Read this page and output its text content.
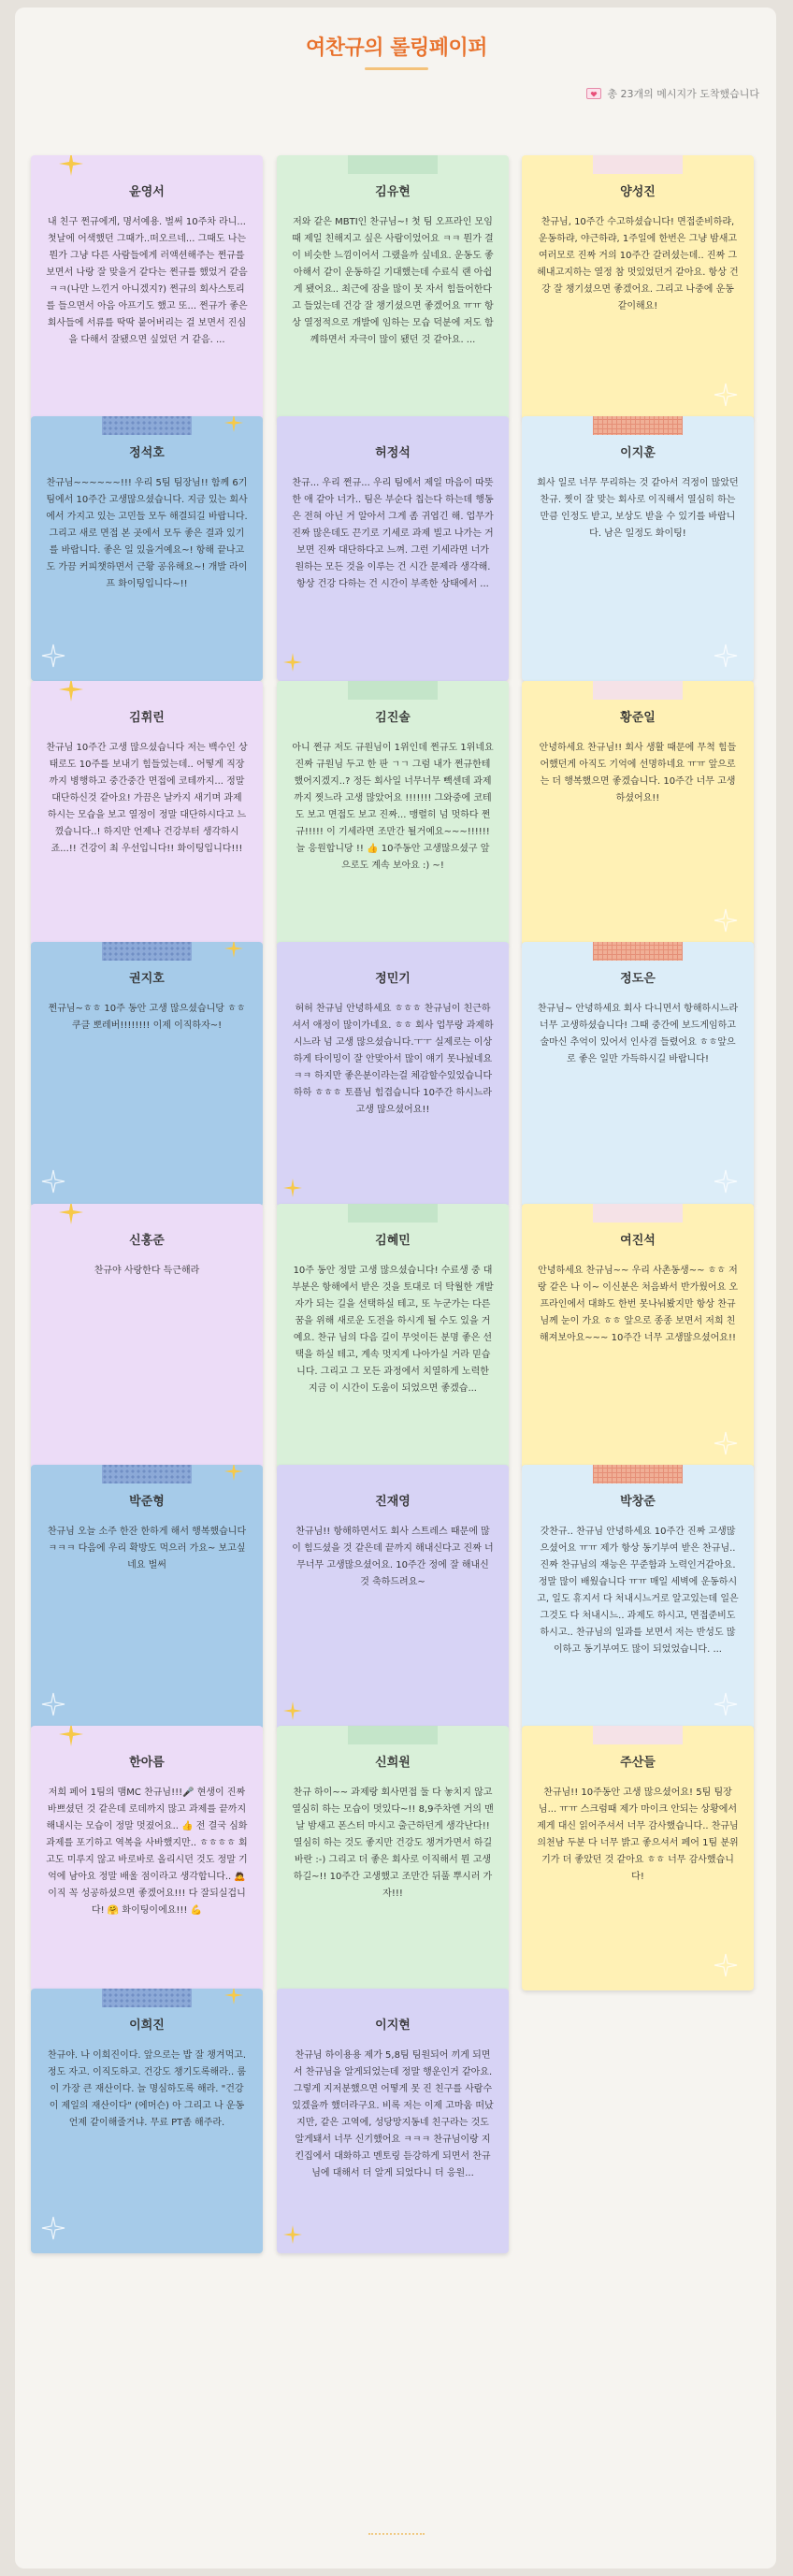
여찬규의 롤링페이퍼
총 23개의 메시지가 도착했습니다
윤영서
내 친구 쩐규에게, 명서예용. 벌써 10주차 라니... 첫날에 어색했던 그때가..떠오르네... 그때도 나는 뭔가 그냥 다른 사람들에게 러액션해주는 쩐규를 보면서 나랑 잘 맞을거 같다는 쩐규를 했었거 같음 ㅋㅋ(나만 느낀거 아니겠지?) 쩐규의 회사스토리를 들으면서 아음 아프기도 했고 또... 쩐규가 좋은 회사들에 서류를 딱딱 붙어버리는 걸 보면서 진심을 다해서 잘됐으면 싶었던 거 같음. ...
김유현
저와 같은 MBTI인 찬규님~! 첫 팀 오프라인 모임 때 제일 친해지고 싶은 사람이었어요 ㅋㅋ 뭔가 결이 비슷한 느낌이어서 그랬을까 싶네요. 운동도 좋아해서 같이 운동하길 기대했는데 수료식 랜 아쉽게 됐어요.. 최근에 잠을 많이 못 자서 힘들어한다고 들었는데 건강 잘 챙기셨으면 좋겠어요 ㅠㅠ 항상 열정적으로 개발에 임하는 모습 덕분에 저도 함께하면서 자극이 많이 됐던 것 같아요. ...
양성진
찬규님, 10주간 수고하셨습니다! 면접준비하랴, 운동하랴, 야근하랴, 1주일에 한번은 그냥 밤새고 여러모로 진짜 거의 10주간 갈려셨는데.. 진짜 그 헤내고지하는 열정 참 멋있었던거 같아요. 항상 건강 잘 챙기셨으면 좋겠어요. 그리고 나중에 운동 같이해요!
정석호
찬규님~~~~~~!!! 우리 5팀 팀장님!! 함께 6기 팀에서 10주간 고생많으셨습니다. 지금 있는 회사에서 가지고 있는 고민들 모두 해결되길 바랍니다. 그리고 새로 면접 본 곳에서 모두 좋은 결과 있기를 바랍니다. 좋은 일 있을거예요~! 항해 끝나고도 가끔 커피챗하면서 근황 공유해요~! 개발 라이프 화이팅입니다~!!
허정석
찬규... 우리 쩐규... 우리 팀에서 제일 마음이 따뜻한 애 같아 너가.. 팀은 부순다 칩는다 하는데 행동은 전혀 아닌 거 알아서 그게 좀 귀엽긴 해. 업무가 진짜 많은데도 끈기로 기세로 과제 빌고 나가는 거 보면 진짜 대단하다고 느껴. 그런 기세라면 너가 원하는 모든 것을 이루는 건 시간 문제라 생각해. 항상 건강 다하는 건 시간이 부족한 상태에서 ...
이지훈
회사 일로 너무 무리하는 것 같아서 걱정이 많았던 찬규. 찟이 잘 맞는 회사로 이직해서 열심히 하는 만큼 인정도 받고, 보상도 받을 수 있기를 바랍니다. 남은 일정도 화이팅!
김휘린
찬규님 10주간 고생 많으셨습니다 저는 백수인 상태로도 10주를 보내기 힘들었는데.. 어떻게 직장까지 병행하고 중간중간 면접에 코테까지... 정말 대단하신것 같아요! 가끔은 날카지 새기며 과제 하시는 모습을 보고 열정이 정말 대단하시다고 느꼈습니다..! 하지만 언제나 건강부터 생각하시죠...!! 건강이 최 우선입니다!! 화이팅입니다!!!
김진솔
아니 쩐규 저도 규원님이 1위인데 쩐규도 1위네요 진짜 규원님 두고 한 판 ㄱㄱ 그럼 내가 쩐규한테 했어지겠지..? 정든 회사일 너무너무 빽센데 과제까지 찟느라 고생 많았어요 !!!!!!! 그와중에 코테도 보고 면접도 보고 진짜... 맹렬히 넘 멋하다 쩐규!!!!! 이 기세라면 조만간 될거예요~~~!!!!!! 늘 응원합니당 !! 👍 10주동안 고생많으셨구 앞으로도 계속 보아요 :) ~!
황준일
안녕하세요 찬규님!! 회사 생활 때문에 무척 힘들어했던게 아직도 기억에 선명하네요 ㅠㅠ 앞으로는 더 행복했으면 좋겠습니다. 10주간 너무 고생하셨어요!!
권지호
쩐규님~ㅎㅎ 10주 동안 고생 많으셨습니당 ㅎㅎ 쿠클 뽀레버!!!!!!!! 이제 이직하자~!
정민기
허허 찬규님 안녕하세요 ㅎㅎㅎ 찬규님이 친근하셔서 애정이 많이가네요. ㅎㅎ 회사 업무랑 과제하시느라 넘 고생 많으셨습니다.ㅜㅜ 실제로는 이상하게 타이밍이 잘 안맞아서 많이 얘기 못나눴네요 ㅋㅋ 하지만 좋은분이라는걸 체감할수있었습니다 하하 ㅎㅎㅎ 토플님 힘겹습니다 10주간 하시느라 고생 많으셨어요!!
정도은
찬규님~ 안녕하세요 회사 다니면서 항해하시느라 너무 고생하셨습니다! 그때 중간에 보드게임하고 술마신 추억이 있어서 인사겸 들렸어요 ㅎㅎ앞으로 좋은 일만 가득하시길 바랍니다!
신홍준
찬규야 사랑한다 득근해라
김혜민
10주 동안 정말 고생 많으셨습니다! 수료생 중 대부분은 항해에서 받은 것을 토대로 더 탁월한 개발자가 되는 길을 선택하실 테고, 또 누군가는 다른 꿈을 위해 새로운 도전을 하시게 될 수도 있을 거예요. 찬규 님의 다음 길이 무엇이든 분명 좋은 선택을 하실 테고, 계속 멋지게 나아가실 거라 믿습니다. 그리고 그 모든 과정에서 치열하게 노력한 지금 이 시간이 도움이 되었으면 좋겠습...
여진석
안녕하세요 찬규님~~ 우리 사촌동생~~ ㅎㅎ 저랑 같은 나 이~ 이신분은 처음봐서 반가웠어요 오프라인에서 대화도 한번 못나눠봤지만 항상 찬규님께 눈이 가요 ㅎㅎ 앞으로 종종 보면서 저희 친해져보아요~~~ 10주간 너무 고생많으셨어요!!
박준형
찬규님 오늘 소주 한잔 한하게 해서 행복했습니다 ㅋㅋㅋ 다음에 우리 확방도 먹으러 가요~ 보고싶네요 벌써
진재영
찬규님!! 항해하면서도 회사 스트레스 때문에 많이 힘드셨을 것 같은데 끝까지 해내신다고 진짜 너무너무 고생많으셨어요. 10주간 정에 잘 해내신 것 축하드려요~
박창준
갓찬규.. 찬규님 안녕하세요 10주간 진짜 고생많으셨어요 ㅠㅠ 제가 항상 동기부여 받은 찬규님.. 진짜 찬규님의 재능은 꾸준함과 노력인거같아요. 정말 많이 배웠습니다 ㅠㅠ 매일 세벽에 운동하시고, 일도 휴지서 다 처내시느거로 알고있는데 일은 그것도 다 처내시느.. 과제도 하시고, 면접준비도하시고.. 찬규님의 일과를 보면서 저는 반성도 많이하고 동기부여도 많이 되었었습니다. ...
한아름
저희 페어 1팀의 맴MC 찬규님!!!🎤 현생이 진짜 바쁘셨던 것 같은데 로데까지 많고 과제를 끝까지 해내시는 모습이 정말 멋졌어요.. 👍 전 결국 심화 과제를 포기하고 역복을 사바했지만.. ㅎㅎㅎㅎ 회고도 미루지 않고 바로바로 올리시던 것도 정말 기억에 남아요 정말 배울 점이라고 생각합니다.. 🙇 이직 꼭 성공하셨으면 좋겠어요!!! 다 잘되실겁니다! 🤗 화이팅이에요!!! 💪
신희원
찬규 하이~~ 과제랑 회사면접 둘 다 놓치지 않고 열심히 하는 모습이 멋있다~!! 8,9주차엔 거의 맨날 밤새고 폰스터 마시고 출근하던게 생각난다!! 열심히 하는 것도 좋지만 건강도 챙겨가면서 하길 바란 :-) 그리고 더 좋은 회사로 이직해서 뭔 고생하길~!! 10주간 고생했고 조만간 뒤풀 뿌시러 가자!!!
주산들
찬규님!! 10주동안 고생 많으셨어요! 5팀 팀장님... ㅠㅠ 스크럼때 제가 마이크 안되는 상황에서 제게 대신 읽어주셔서 너무 감사했습니다.. 찬규님 의천남 두분 다 너무 밝고 좋으셔서 페어 1팀 분위기가 더 좋았던 것 같아요 ㅎㅎ 너무 감사했습니다!
이희진
찬규야. 나 이희진이다. 앞으로는 밥 잘 챙겨먹고. 정도 자고. 이직도하고. 건강도 챙기도록해라.. 룸이 가장 큰 재산이다. 늘 명심하도록 해라. "건강이 제일의 재산이다" (에머슨) 아 그리고 나 운동 언제 같이해줄거냐. 무료 PT좀 해주라.
이지현
찬규님 하이용용 제가 5,8팀 팀원되어 끼게 되면서 찬규님을 알게되었는데 정말 행운인거 같아요. 그렇게 지저분했으면 어떻게 못 진 친구를 사람수 있겠을까 했더라구요. 비록 저는 이제 고마움 떠났지만, 같은 고역에, 성당망지동네 친구라는 것도 알게돼서 너무 신기했어요 ㅋㅋㅋ 찬규님이랑 지킨집에서 대화하고 멘토링 듣강하게 되면서 찬규님에 대해서 더 알게 되었다니 더 응원...
